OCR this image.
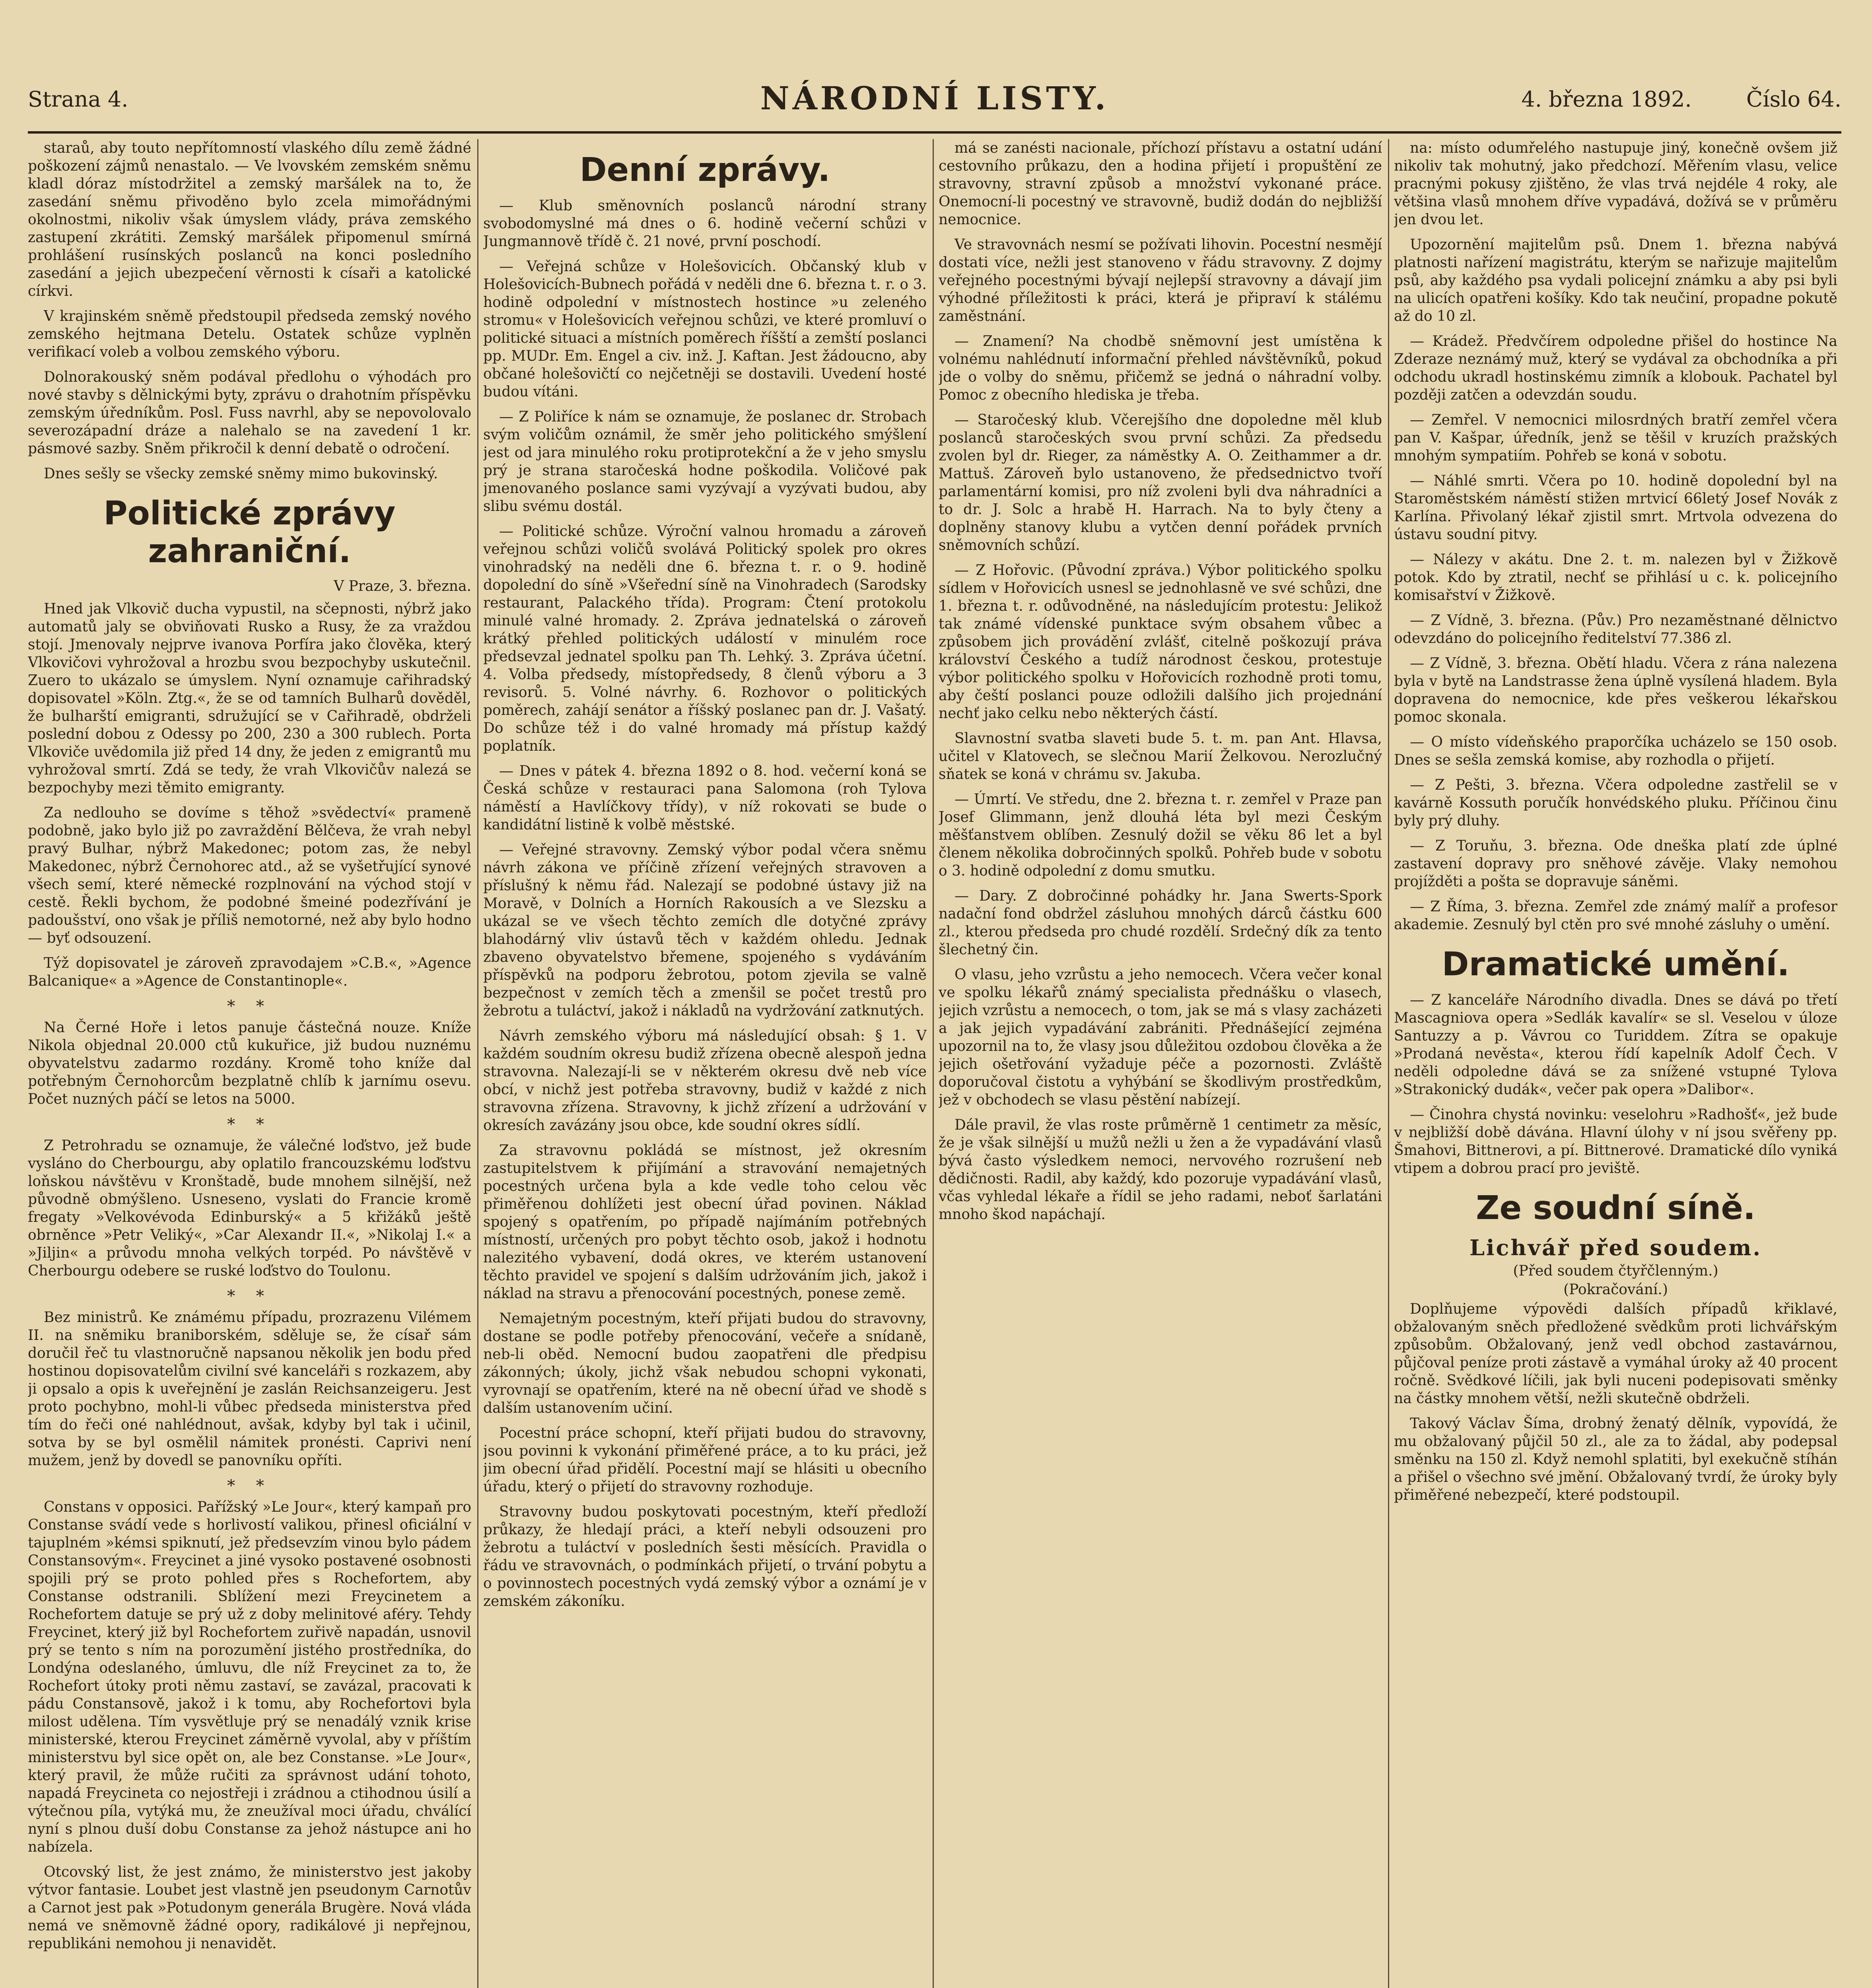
Strana 4.	NÁRODNÍ LISTY.	4. března 1892.	Číslo 64.

staraů, aby touto nepřítomností vlaského dílu země žádné poškození zájmů nenastalo. — Ve lvovském zemském sněmu kladl dóraz místodržitel a zemský maršálek na to, že zasedání sněmu přivoděno bylo zcela mimořádnými okolnostmi, nikoliv však úmyslem vlády, práva zemského zastupení zkrátiti. Zemský maršálek připomenul smírná prohlášení rusínských poslanců na konci posledního zasedání a jejich ubezpečení věrnosti k císaři a katolické církvi.

V krajinském sněmě předstoupil předseda zemský nového zemského hejtmana Detelu. Ostatek schůze vyplněn verifikací voleb a volbou zemského výboru.

Dolnorakouský sněm podával předlohu o výhodách pro nové stavby s dělnickými byty, zprávu o drahotním příspěvku zemským úředníkům. Posl. Fuss navrhl, aby se nepovolovalo severozápadní dráze a nalehalo se na zavedení 1 kr. pásmové sazby. Sněm přikročil k denní debatě o odročení.

Dnes sešly se všecky zemské sněmy mimo bukovinský.

Politické zprávy zahraniční.
V Praze, 3. března.

Hned jak Vlkovič ducha vypustil, na sčepnosti, nýbrž jako automatů jaly se obviňovati Rusko a Rusy, že za vraždou stojí. Jmenovaly nejprve ivanova Porfíra jako člověka, který Vlkovičovi vyhrožoval a hrozbu svou bezpochyby uskutečnil. Zuero to ukázalo se úmyslem. Nyní oznamuje cařihradský dopisovatel »Köln. Ztg.«, že se od tamních Bulharů dověděl, že bulharští emigranti, sdružující se v Cařihradě, obdrželi poslední dobou z Odessy po 200, 230 a 300 rublech. Porta Vlkoviče uvědomila již před 14 dny, že jeden z emigrantů mu vyhrožoval smrtí. Zdá se tedy, že vrah Vlkovičův nalezá se bezpochyby mezi těmito emigranty.

Za nedlouho se dovíme s těhož »svědectví« prameně podobně, jako bylo již po zavraždění Bělčeva, že vrah nebyl pravý Bulhar, nýbrž Makedonec; potom zas, že nebyl Makedonec, nýbrž Černohorec atd., až se vyšetřující synové všech semí, které německé rozplnování na východ stojí v cestě. Řekli bychom, že podobné šmeiné podezřívání je padoušství, ono však je příliš nemotorné, než aby bylo hodno — byť odsouzení.

Týž dopisovatel je zároveň zpravodajem »C.B.«, »Agence Balcanique« a »Agence de Constantinople«.

* *

Na Černé Hoře i letos panuje částečná nouze. Kníže Nikola objednal 20.000 ctů kukuřice, již budou nuznému obyvatelstvu zadarmo rozdány. Kromě toho kníže dal potřebným Černohorcům bezplatně chlíb k jarnímu osevu. Počet nuzných páčí se letos na 5000.

* *

Z Petrohradu se oznamuje, že válečné loďstvo, jež bude vysláno do Cherbourgu, aby oplatilo francouzskému loďstvu loňskou návštěvu v Kronštadě, bude mnohem silnější, než původně obmýšleno. Usneseno, vyslati do Francie kromě fregaty »Velkovévoda Edinburský« a 5 křižáků ještě obrněnce »Petr Veliký«, »Car Alexandr II.«, »Nikolaj I.« a »Jiljin« a průvodu mnoha velkých torpéd. Po návštěvě v Cherbourgu odebere se ruské loďstvo do Toulonu.

* *

Bez ministrů. Ke známému případu, prozrazenu Vilémem II. na sněmiku braniborském, sděluje se, že císař sám doručil řeč tu vlastnoručně napsanou několik jen bodu před hostinou dopisovatelům civilní své kanceláři s rozkazem, aby ji opsalo a opis k uveřejnění je zaslán Reichsanzeigeru. Jest proto pochybno, mohl-li vůbec předseda ministerstva před tím do řeči oné nahlédnout, avšak, kdyby byl tak i učinil, sotva by se byl osmělil námitek pronésti. Caprivi není mužem, jenž by dovedl se panovníku opříti.

* *

Constans v opposici. Pařížský »Le Jour«, který kampaň pro Constanse svádí vede s horlivostí valikou, přinesl oficiální v tajuplném »kémsi spiknutí, jež předsevzím vinou bylo pádem Constansovým«. Freycinet a jiné vysoko postavené osobnosti spojili prý se proto pohled přes s Rochefortem, aby Constanse odstranili. Sblížení mezi Freycinetem a Rochefortem datuje se prý už z doby melinitové aféry. Tehdy Freycinet, který již byl Rochefortem zuřivě napadán, usnovil prý se tento s ním na porozumění jistého prostředníka, do Londýna odeslaného, úmluvu, dle níž Freycinet za to, že Rochefort útoky proti němu zastaví, se zavázal, pracovati k pádu Constansově, jakož i k tomu, aby Rochefortovi byla milost udělena. Tím vysvětluje prý se nenadálý vznik krise ministerské, kterou Freycinet záměrně vyvolal, aby v příštím ministerstvu byl sice opět on, ale bez Constanse. »Le Jour«, který pravil, že může ručiti za správnost udání tohoto, napadá Freycineta co nejostřeji i zrádnou a ctihodnou úsilí a výtečnou píla, vytýká mu, že zneužíval moci úřadu, chválící nyní s plnou duší dobu Constanse za jehož nástupce ani ho nabízela.

Otcovský list, že jest známo, že ministerstvo jest jakoby výtvor fantasie. Loubet jest vlastně jen pseudonym Carnotův a Carnot jest pak »Potudonym generála Brugère. Nová vláda nemá ve sněmovně žádné opory, radikálové ji nepřejnou, republikáni nemohou ji nenavidět.

Denní zprávy.

— Klub směnovních poslanců národní strany svobodomyslné má dnes o 6. hodině večerní schůzi v Jungmannově třídě č. 21 nové, první poschodí.

— Veřejná schůze v Holešovicích. Občanský klub v Holešovicích-Bubnech pořádá v neděli dne 6. března t. r. o 3. hodině odpolední v místnostech hostince »u zeleného stromu« v Holešovicích veřejnou schůzi, ve které promluví o politické situaci a místních poměrech říšští a zemští poslanci pp. MUDr. Em. Engel a civ. inž. J. Kaftan. Jest žádoucno, aby občané holešovičtí co nejčetněji se dostavili. Uvedení hosté budou vítáni.

— Z Poliříce k nám se oznamuje, že poslanec dr. Strobach svým voličům oznámil, že směr jeho politického smýšlení jest od jara minulého roku protiprotekční a že v jeho smyslu prý je strana staročeská hodne poškodila. Voličové pak jmenovaného poslance sami vyzývají a vyzývati budou, aby slibu svému dostál.

— Politické schůze. Výroční valnou hromadu a zároveň veřejnou schůzi voličů svolává Politický spolek pro okres vinohradský na neděli dne 6. března t. r. o 9. hodině dopolední do síně »Všeřední síně na Vinohradech (Sarodsky restaurant, Palackého třída). Program: Čtení protokolu minulé valné hromady. 2. Zpráva jednatelská o zároveň krátký přehled politických událostí v minulém roce předsevzal jednatel spolku pan Th. Lehký. 3. Zpráva účetní. 4. Volba předsedy, místopředsedy, 8 členů výboru a 3 revisorů. 5. Volné návrhy. 6. Rozhovor o politických poměrech, zahájí senátor a říšský poslanec pan dr. J. Vašatý. Do schůze též i do valné hromady má přístup každý poplatník.

— Dnes v pátek 4. března 1892 o 8. hod. večerní koná se Česká schůze v restauraci pana Salomona (roh Tylova náměstí a Havlíčkovy třídy), v níž rokovati se bude o kandidátní listině k volbě městské.

— Veřejné stravovny. Zemský výbor podal včera sněmu návrh zákona ve příčině zřízení veřejných stravoven a příslušný k němu řád. Nalezají se podobné ústavy již na Moravě, v Dolních a Horních Rakousích a ve Slezsku a ukázal se ve všech těchto zemích dle dotyčné zprávy blahodárný vliv ústavů těch v každém ohledu. Jednak zbaveno obyvatelstvo břemene, spojeného s vydáváním příspěvků na podporu žebrotou, potom zjevila se valně bezpečnost v zemích těch a zmenšil se počet trestů pro žebrotu a tuláctví, jakož i nákladů na vydržování zatknutých.

Návrh zemského výboru má následující obsah: § 1. V každém soudním okresu budiž zřízena obecně alespoň jedna stravovna. Nalezají-li se v některém okresu dvě neb více obcí, v nichž jest potřeba stravovny, budiž v každé z nich stravovna zřízena. Stravovny, k jichž zřízení a udržování v okresích zavázány jsou obce, kde soudní okres sídlí.

Za stravovnu pokládá se místnost, jež okresním zastupitelstvem k přijímání a stravování nemajetných pocestných určena byla a kde vedle toho celou věc přiměřenou dohlížeti jest obecní úřad povinen. Náklad spojený s opatřením, po případě najímáním potřebných místností, určených pro pobyt těchto osob, jakož i hodnotu nalezitého vybavení, dodá okres, ve kterém ustanovení těchto pravidel ve spojení s dalším udržováním jich, jakož i náklad na stravu a přenocování pocestných, ponese země.

Nemajetným pocestným, kteří přijati budou do stravovny, dostane se podle potřeby přenocování, večeře a snídaně, neb-li oběd. Nemocní budou zaopatřeni dle předpisu zákonných; úkoly, jichž však nebudou schopni vykonati, vyrovnají se opatřením, které na ně obecní úřad ve shodě s dalším ustanovením učiní.

Pocestní práce schopní, kteří přijati budou do stravovny, jsou povinni k vykonání přiměřené práce, a to ku práci, jež jim obecní úřad přidělí. Pocestní mají se hlásiti u obecního úřadu, který o přijetí do stravovny rozhoduje.

Stravovny budou poskytovati pocestným, kteří předloží průkazy, že hledají práci, a kteří nebyli odsouzeni pro žebrotu a tuláctví v posledních šesti měsících. Pravidla o řádu ve stravovnách, o podmínkách přijetí, o trvání pobytu a o povinnostech pocestných vydá zemský výbor a oznámí je v zemském zákoníku.

má se zanésti nacionale, příchozí přístavu a ostatní udání cestovního průkazu, den a hodina přijetí i propuštění ze stravovny, stravní způsob a množství vykonané práce. Onemocní-li pocestný ve stravovně, budiž dodán do nejbližší nemocnice.

Ve stravovnách nesmí se požívati lihovin. Pocestní nesmějí dostati více, nežli jest stanoveno v řádu stravovny. Z dojmy veřejného pocestnými bývají nejlepší stravovny a dávají jim výhodné příležitosti k práci, která je připraví k stálému zaměstnání.

— Znamení? Na chodbě sněmovní jest umístěna k volnému nahlédnutí informační přehled návštěvníků, pokud jde o volby do sněmu, přičemž se jedná o náhradní volby. Pomoc z obecního hlediska je třeba.

— Staročeský klub. Včerejšího dne dopoledne měl klub poslanců staročeských svou první schůzi. Za předsedu zvolen byl dr. Rieger, za náměstky A. O. Zeithammer a dr. Mattuš. Zároveň bylo ustanoveno, že předsednictvo tvoří parlamentární komisi, pro níž zvoleni byli dva náhradníci a to dr. J. Solc a hrabě H. Harrach. Na to byly čteny a doplněny stanovy klubu a vytčen denní pořádek prvních sněmovních schůzí.

— Z Hořovic. (Původní zpráva.) Výbor politického spolku sídlem v Hořovicích usnesl se jednohlasně ve své schůzi, dne 1. března t. r. odůvodněné, na následujícím protestu: Jelikož tak známé vídenské punktace svým obsahem vůbec a způsobem jich provádění zvlášť, citelně poškozují práva království Českého a tudíž národnost českou, protestuje výbor politického spolku v Hořovicích rozhodně proti tomu, aby čeští poslanci pouze odložili dalšího jich projednání nechť jako celku nebo některých částí.

Slavnostní svatba slaveti bude 5. t. m. pan Ant. Hlavsa, učitel v Klatovech, se slečnou Marií Želkovou. Nerozlučný sňatek se koná v chrámu sv. Jakuba.

— Úmrtí. Ve středu, dne 2. března t. r. zemřel v Praze pan Josef Glimmann, jenž dlouhá léta byl mezi Českým měšťanstvem oblíben. Zesnulý dožil se věku 86 let a byl členem několika dobročinných spolků. Pohřeb bude v sobotu o 3. hodině odpolední z domu smutku.

— Dary. Z dobročinné pohádky hr. Jana Swerts-Spork nadační fond obdržel zásluhou mnohých dárců částku 600 zl., kterou předseda pro chudé rozdělí. Srdečný dík za tento šlechetný čin.

O vlasu, jeho vzrůstu a jeho nemocech. Včera večer konal ve spolku lékařů známý specialista přednášku o vlasech, jejich vzrůstu a nemocech, o tom, jak se má s vlasy zacházeti a jak jejich vypadávání zabrániti. Přednášející zejména upozornil na to, že vlasy jsou důležitou ozdobou člověka a že jejich ošetřování vyžaduje péče a pozornosti. Zvláště doporučoval čistotu a vyhýbání se škodlivým prostředkům, jež v obchodech se vlasu pěstění nabízejí.

Dále pravil, že vlas roste průměrně 1 centimetr za měsíc, že je však silnější u mužů nežli u žen a že vypadávání vlasů bývá často výsledkem nemoci, nervového rozrušení neb dědičnosti. Radil, aby každý, kdo pozoruje vypadávání vlasů, včas vyhledal lékaře a řídil se jeho radami, neboť šarlatáni mnoho škod napáchají.

na: místo odumřelého nastupuje jiný, konečně ovšem již nikoliv tak mohutný, jako předchozí. Měřením vlasu, velice pracnými pokusy zjištěno, že vlas trvá nejdéle 4 roky, ale většina vlasů mnohem dříve vypadává, dožívá se v průměru jen dvou let.

Upozornění majitelům psů. Dnem 1. března nabývá platnosti nařízení magistrátu, kterým se nařizuje majitelům psů, aby každého psa vydali policejní známku a aby psi byli na ulicích opatřeni košíky. Kdo tak neučiní, propadne pokutě až do 10 zl.

— Krádež. Předvčírem odpoledne přišel do hostince Na Zderaze neznámý muž, který se vydával za obchodníka a při odchodu ukradl hostinskému zimník a klobouk. Pachatel byl později zatčen a odevzdán soudu.

— Zemřel. V nemocnici milosrdných bratří zemřel včera pan V. Kašpar, úředník, jenž se těšil v kruzích pražských mnohým sympatiím. Pohřeb se koná v sobotu.

— Náhlé smrti. Včera po 10. hodině dopolední byl na Staroměstském náměstí stižen mrtvicí 66letý Josef Novák z Karlína. Přivolaný lékař zjistil smrt. Mrtvola odvezena do ústavu soudní pitvy.

— Nálezy v akátu. Dne 2. t. m. nalezen byl v Žižkově potok. Kdo by ztratil, nechť se přihlásí u c. k. policejního komisařství v Žižkově.

— Z Vídně, 3. března. (Pův.) Pro nezaměstnané dělnictvo odevzdáno do policejního ředitelství 77.386 zl.

— Z Vídně, 3. března. Obětí hladu. Včera z rána nalezena byla v bytě na Landstrasse žena úplně vysílená hladem. Byla dopravena do nemocnice, kde přes veškerou lékařskou pomoc skonala.

— O místo vídeňského praporčíka ucházelo se 150 osob. Dnes se sešla zemská komise, aby rozhodla o přijetí.

— Z Pešti, 3. března. Včera odpoledne zastřelil se v kavárně Kossuth poručík honvédského pluku. Příčinou činu byly prý dluhy.

— Z Toruňu, 3. března. Ode dneška platí zde úplné zastavení dopravy pro sněhové závěje. Vlaky nemohou projížděti a pošta se dopravuje sáněmi.

— Z Říma, 3. března. Zemřel zde známý malíř a profesor akademie. Zesnulý byl ctěn pro své mnohé zásluhy o umění.

Dramatické umění.

— Z kanceláře Národního divadla. Dnes se dává po třetí Mascagniova opera »Sedlák kavalír« se sl. Veselou v úloze Santuzzy a p. Vávrou co Turiddem. Zítra se opakuje »Prodaná nevěsta«, kterou řídí kapelník Adolf Čech. V neděli odpoledne dává se za snížené vstupné Tylova »Strakonický dudák«, večer pak opera »Dalibor«.

— Činohra chystá novinku: veselohru »Radhošť«, jež bude v nejbližší době dávána. Hlavní úlohy v ní jsou svěřeny pp. Šmahovi, Bittnerovi, a pí. Bittnerové. Dramatické dílo vyniká vtipem a dobrou prací pro jeviště.

Ze soudní síně.
Lichvář před soudem.
(Před soudem čtyřčlenným.)
(Pokračování.)

Doplňujeme výpovědi dalších případů křiklavé, obžalovaným sněch předložené svědkům proti lichvářským způsobům. Obžalovaný, jenž vedl obchod zastavárnou, půjčoval peníze proti zástavě a vymáhal úroky až 40 procent ročně. Svědkové líčili, jak byli nuceni podepisovati směnky na částky mnohem větší, nežli skutečně obdrželi.

Takový Václav Šíma, drobný ženatý dělník, vypovídá, že mu obžalovaný půjčil 50 zl., ale za to žádal, aby podepsal směnku na 150 zl. Když nemohl splatiti, byl exekučně stíhán a přišel o všechno své jmění. Obžalovaný tvrdí, že úroky byly přiměřené nebezpečí, které podstoupil.
